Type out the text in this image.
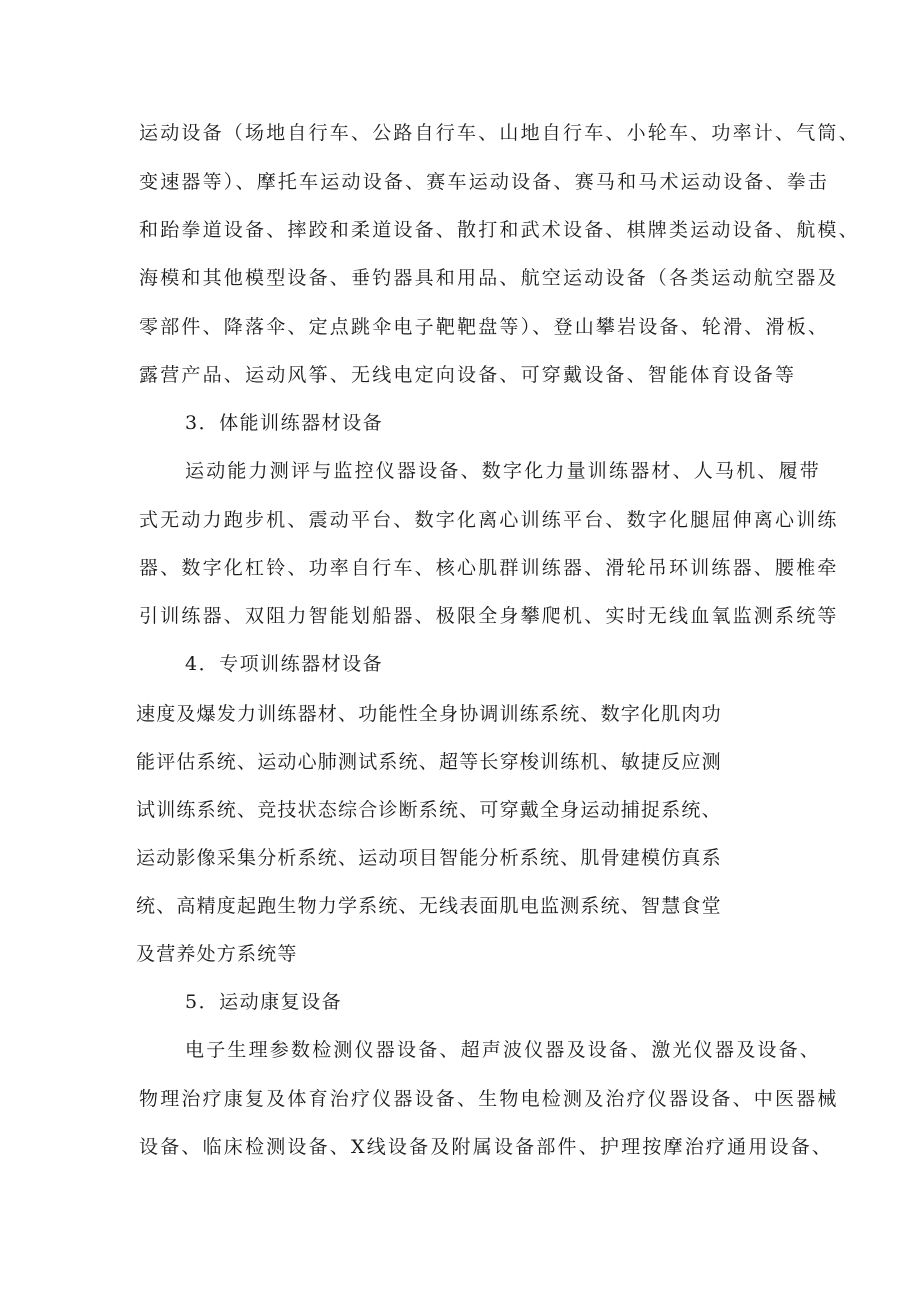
运动设备（场地自行车、公路自行车、山地自行车、小轮车、功率计、气筒、
变速器等）、摩托车运动设备、赛车运动设备、赛马和马术运动设备、拳击
和跆拳道设备、摔跤和柔道设备、散打和武术设备、棋牌类运动设备、航模、
海模和其他模型设备、垂钓器具和用品、航空运动设备（各类运动航空器及
零部件、降落伞、定点跳伞电子靶靶盘等）、登山攀岩设备、轮滑、滑板、
露营产品、运动风筝、无线电定向设备、可穿戴设备、智能体育设备等
3．体能训练器材设备
运动能力测评与监控仪器设备、数字化力量训练器材、人马机、履带
式无动力跑步机、震动平台、数字化离心训练平台、数字化腿屈伸离心训练
器、数字化杠铃、功率自行车、核心肌群训练器、滑轮吊环训练器、腰椎牵
引训练器、双阻力智能划船器、极限全身攀爬机、实时无线血氧监测系统等
4．专项训练器材设备
速度及爆发力训练器材、功能性全身协调训练系统、数字化肌肉功
能评估系统、运动心肺测试系统、超等长穿梭训练机、敏捷反应测
试训练系统、竞技状态综合诊断系统、可穿戴全身运动捕捉系统、
运动影像采集分析系统、运动项目智能分析系统、肌骨建模仿真系
统、高精度起跑生物力学系统、无线表面肌电监测系统、智慧食堂
及营养处方系统等
5．运动康复设备
电子生理参数检测仪器设备、超声波仪器及设备、激光仪器及设备、
物理治疗康复及体育治疗仪器设备、生物电检测及治疗仪器设备、中医器械
设备、临床检测设备、X线设备及附属设备部件、护理按摩治疗通用设备、
